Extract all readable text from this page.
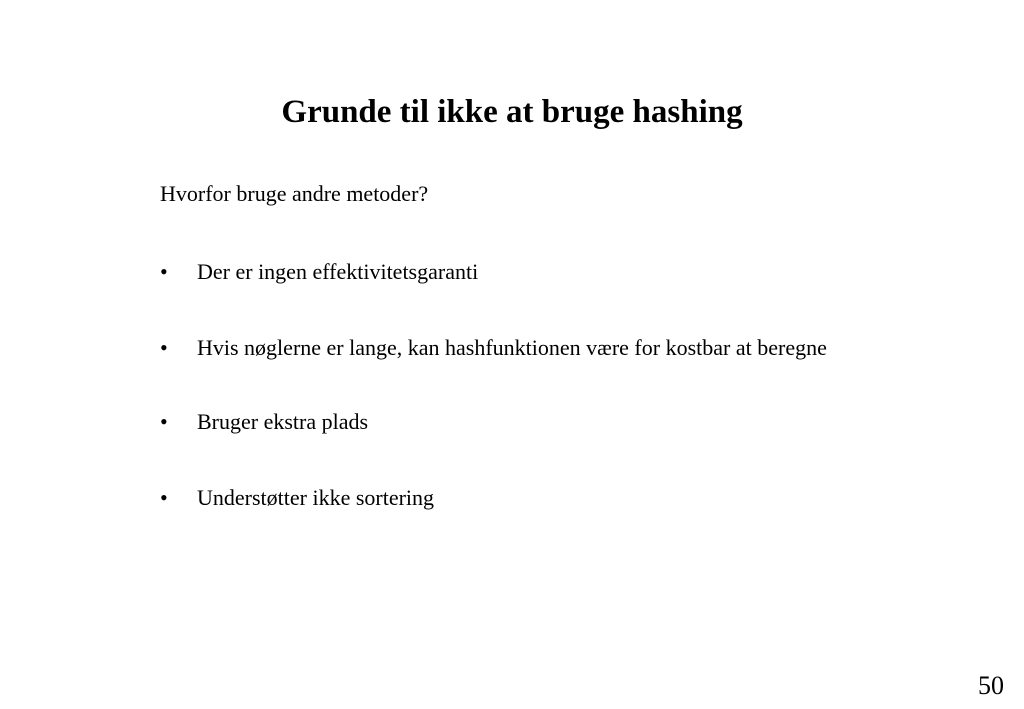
Grunde til ikke at bruge hashing

Hvorfor bruge andre metoder?

•	Der er ingen effektivitetsgaranti
•	Hvis nøglerne er lange, kan hashfunktionen være for kostbar at beregne
•	Bruger ekstra plads
•	Understøtter ikke sortering

50
